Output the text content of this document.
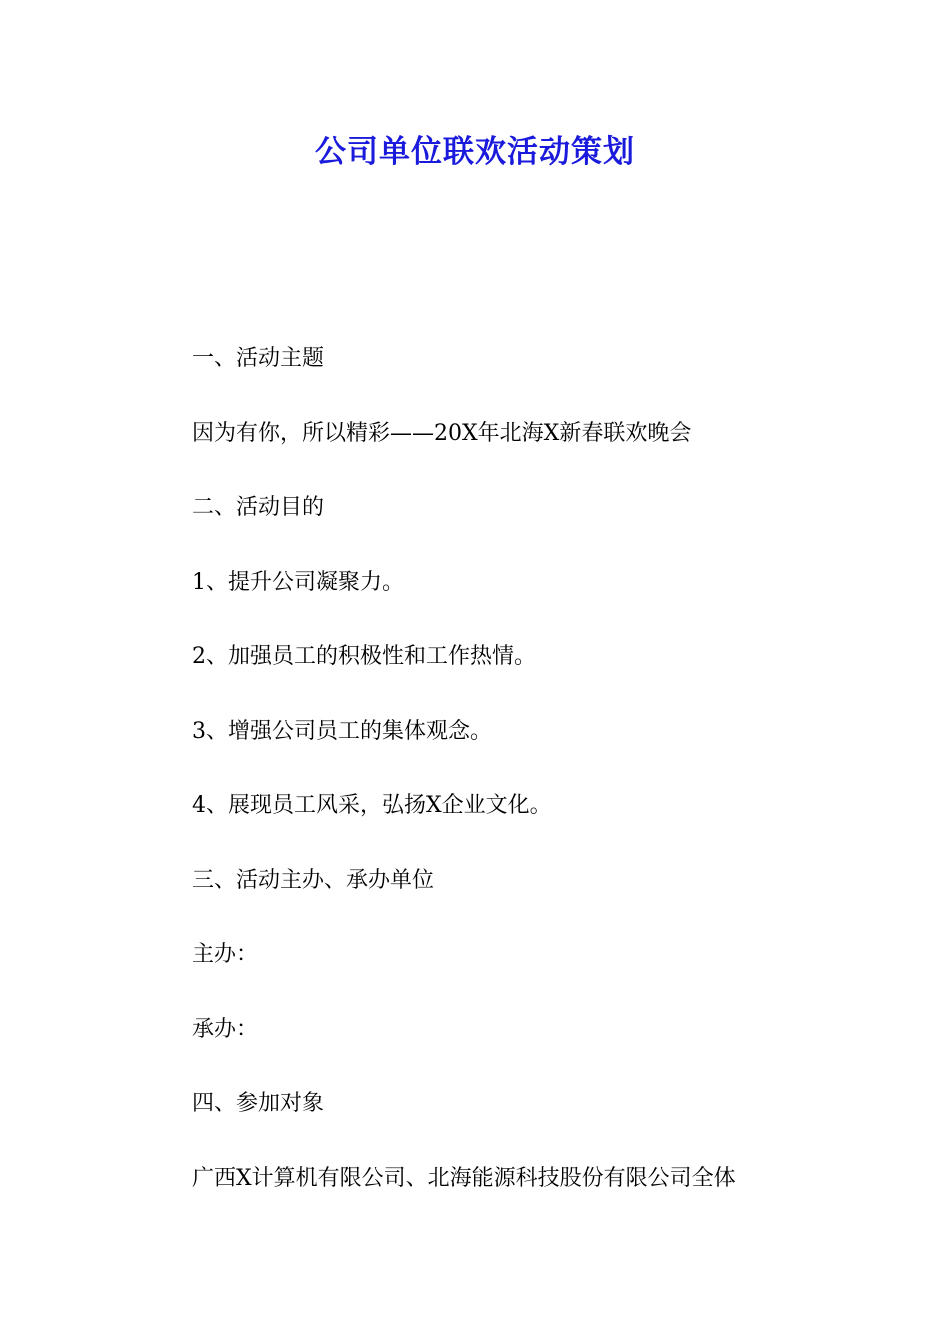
公司单位联欢活动策划
一、活动主题
因为有你，所以精彩——20X年北海X新春联欢晚会
二、活动目的
1、提升公司凝聚力。
2、加强员工的积极性和工作热情。
3、增强公司员工的集体观念。
4、展现员工风采，弘扬X企业文化。
三、活动主办、承办单位
主办：
承办：
四、参加对象
广西X计算机有限公司、北海能源科技股份有限公司全体
